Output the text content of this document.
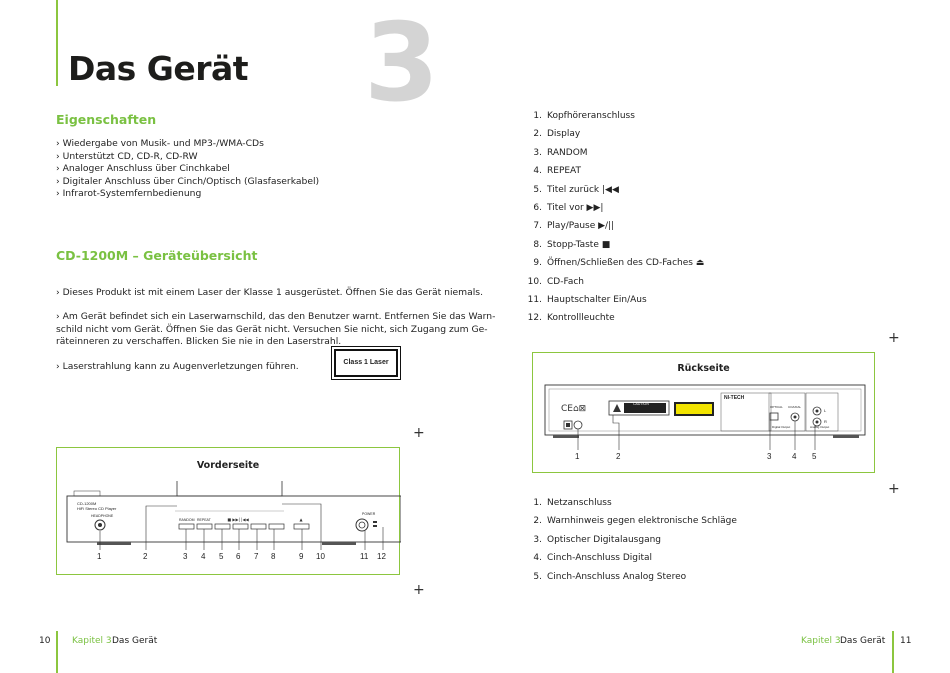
Das Gerät 3
Eigenschaften
› Wiedergabe von Musik- und MP3-/WMA-CDs
› Unterstützt CD, CD-R, CD-RW
› Analoger Anschluss über Cinchkabel
› Digitaler Anschluss über Cinch/Optisch (Glasfaserkabel)
› Infrarot-Systemfernbedienung
CD-1200M – Geräteübersicht
› Dieses Produkt ist mit einem Laser der Klasse 1 ausgerüstet. Öffnen Sie das Gerät niemals.
› Am Gerät befindet sich ein Laserwarnschild, das den Benutzer warnt. Entfernen Sie das Warn-
schild nicht vom Gerät. Öffnen Sie das Gerät nicht. Versuchen Sie nicht, sich Zugang zum Ge-
räteinneren zu verschaffen. Blicken Sie nie in den Laserstrahl.
› Laserstrahlung kann zu Augenverletzungen führen.	Class 1 Laser
+
+
Vorderseite
■ ▶▶| |◀◀	▲
CD-1200M
HiFi Stereo CD Player
HEADPHONE
RANDOM REPEAT
POWER
1	2	3 4 5 6 7 8	9 10	11 12
10 Kapitel 3 Das Gerät
1. Kopfhöreranschluss
2. Display
3. RANDOM
4. REPEAT
5. Titel zurück |◀◀
6. Titel vor ▶▶|
7. Play/Pause ▶/||
8. Stopp-Taste ■
9. Öffnen/Schließen des CD-Faches ⏏
10. CD-Fach
11. Hauptschalter Ein/Aus
12. Kontrollleuchte
+
+
Rückseite
CE⌂⊠
NI-TECH
CAUTION
COAXIAL
OPTICAL
Digital Output	Analog Output
L
R
1	2	3	4 5
1. Netzanschluss
2. Warnhinweis gegen elektronische Schläge
3. Optischer Digitalausgang
4. Cinch-Anschluss Digital
5. Cinch-Anschluss Analog Stereo
Kapitel 3 Das Gerät 11
